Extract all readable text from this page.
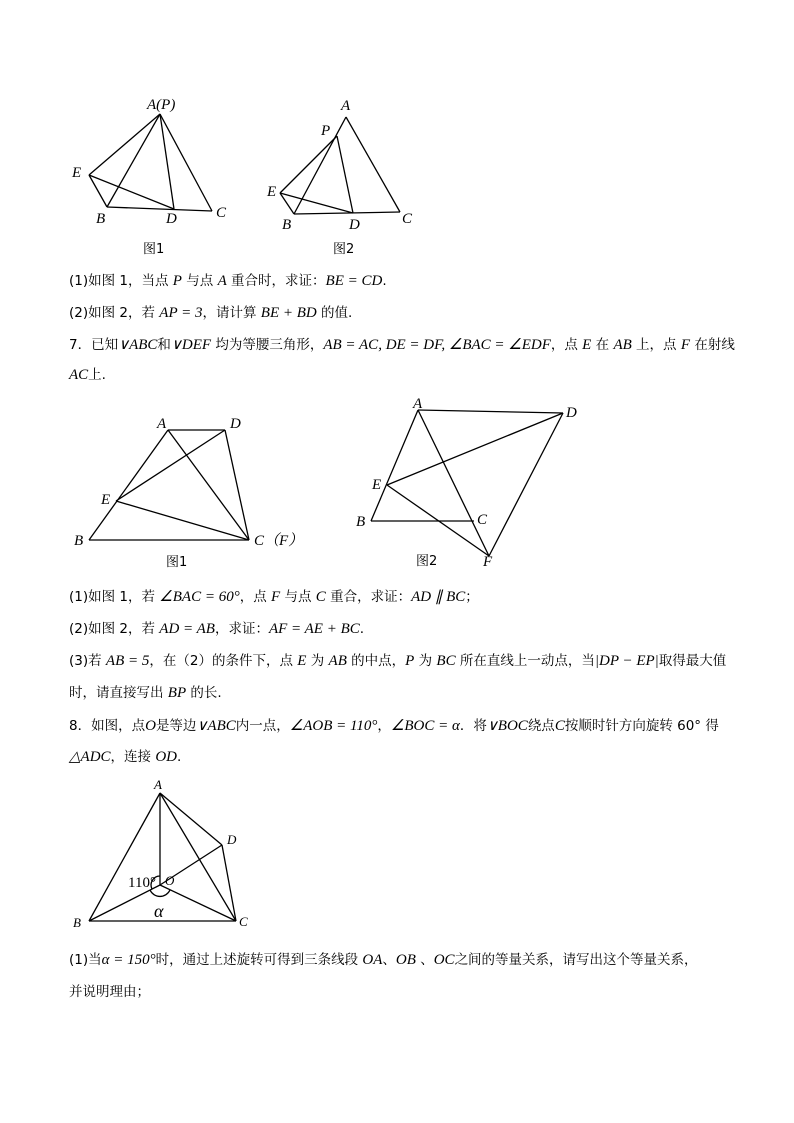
A(P)
E
B	D	C
图1
A
P
E
B	D	C
图2
(1)如图 1，当点 P 与点 A 重合时，求证：BE = CD.
(2)如图 2，若 AP = 3，请计算 BE + BD 的值.
7．已知∨ABC和∨DEF 均为等腰三角形，AB = AC, DE = DF, ∠BAC = ∠EDF，点 E 在 AB 上，点 F 在射线
AC上.
A	D
E
B	C（F）
图1
A
D
E
B	C
F
图2
(1)如图 1，若 ∠BAC = 60°，点 F 与点 C 重合，求证：AD ∥ BC；
(2)如图 2，若 AD = AB，求证：AF = AE + BC.
(3)若 AB = 5，在（2）的条件下，点 E 为 AB 的中点，P 为 BC 所在直线上一动点，当|DP − EP|取得最大值
时，请直接写出 BP 的长.
8．如图，点O是等边∨ABC内一点，∠AOB = 110°，∠BOC = α．将∨BOC绕点C按顺时针方向旋转 60° 得
△ADC，连接 OD.
A
D
O
B	C
110°
α
(1)当α = 150°时，通过上述旋转可得到三条线段 OA、OB 、OC之间的等量关系，请写出这个等量关系，
并说明理由；
